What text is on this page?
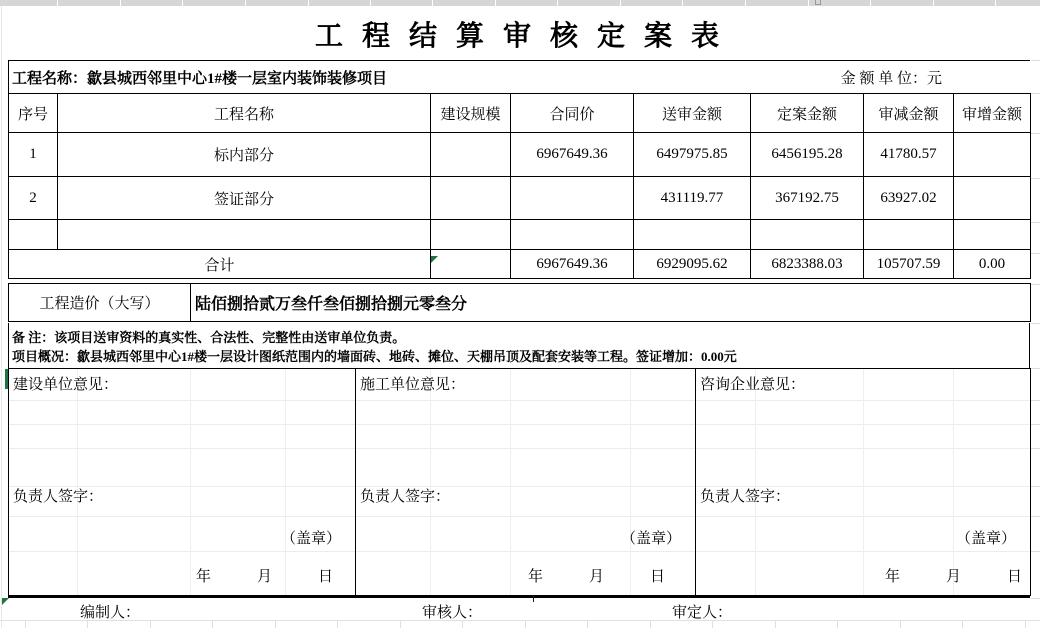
工 程 结 算 审 核 定 案 表
工程名称：歙县城西邻里中心1#楼一层室内装饰装修项目	金 额 单 位：元
序号	工程名称	建设规模	合同价	送审金额	定案金额	审减金额	审增金额
1	标内部分		6967649.36	6497975.85	6456195.28	41780.57	
2	签证部分			431119.77	367192.75	63927.02	

合计			6967649.36	6929095.62	6823388.03	105707.59	0.00
工程造价（大写）	陆佰捌拾贰万叁仟叁佰捌拾捌元零叁分
备 注：该项目送审资料的真实性、合法性、完整性由送审单位负责。
项目概况：歙县城西邻里中心1#楼一层设计图纸范围内的墙面砖、地砖、摊位、天棚吊顶及配套安装等工程。签证增加：0.00元
建设单位意见：
负责人签字：
（盖章）
年	月	日

施工单位意见：
负责人签字：
（盖章）
年	月	日

咨询企业意见：
负责人签字：
（盖章）
年	月	日
编制人：	审核人：	审定人：
